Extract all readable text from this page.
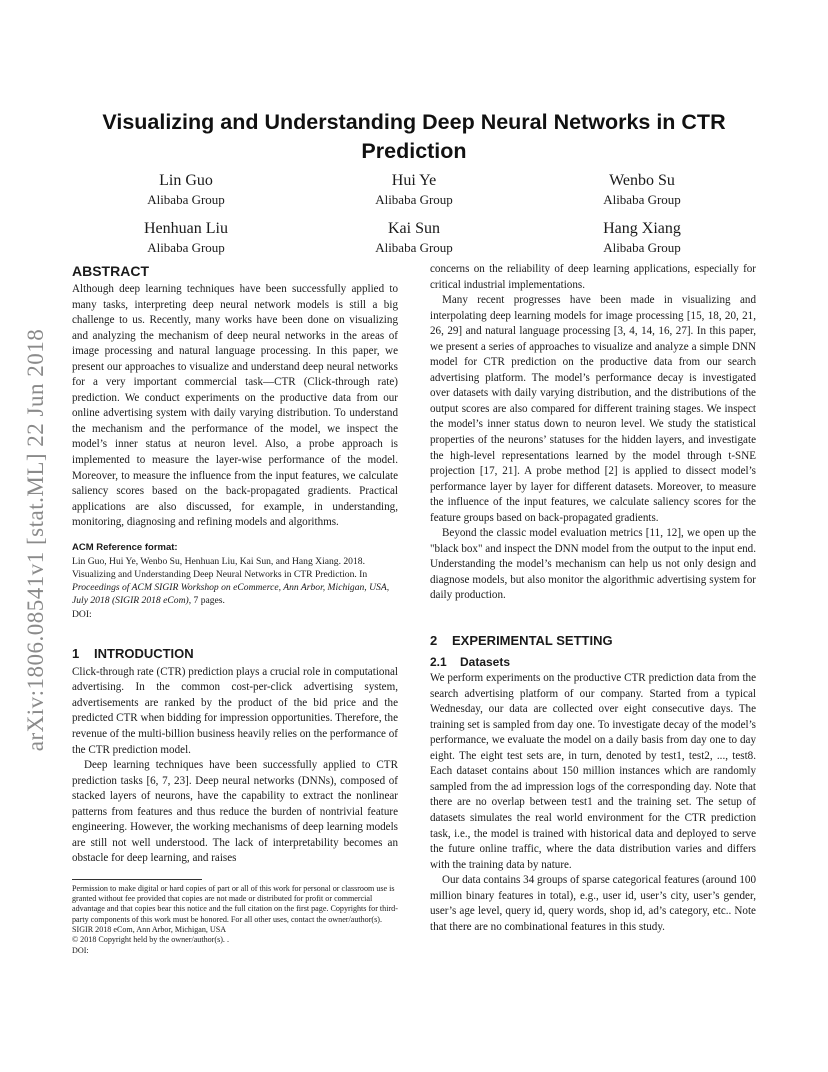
arXiv:1806.08541v1 [stat.ML] 22 Jun 2018
Visualizing and Understanding Deep Neural Networks in CTR Prediction
Lin Guo
Alibaba Group
Hui Ye
Alibaba Group
Wenbo Su
Alibaba Group
Henhuan Liu
Alibaba Group
Kai Sun
Alibaba Group
Hang Xiang
Alibaba Group

ABSTRACT

Although deep learning techniques have been successfully applied to many tasks, interpreting deep neural network models is still a big challenge to us. Recently, many works have been done on visualizing and analyzing the mechanism of deep neural networks in the areas of image processing and natural language processing. In this paper, we present our approaches to visualize and understand deep neural networks for a very important commercial task—CTR (Click-through rate) prediction. We conduct experiments on the productive data from our online advertising system with daily varying distribution. To understand the mechanism and the performance of the model, we inspect the model’s inner status at neuron level. Also, a probe approach is implemented to measure the layer-wise performance of the model. Moreover, to measure the influence from the input features, we calculate saliency scores based on the back-propagated gradients. Practical applications are also discussed, for example, in understanding, monitoring, diagnosing and refining models and algorithms.

ACM Reference format:

Lin Guo, Hui Ye, Wenbo Su, Henhuan Liu, Kai Sun, and Hang Xiang. 2018. Visualizing and Understanding Deep Neural Networks in CTR Prediction. In Proceedings of ACM SIGIR Workshop on eCommerce, Ann Arbor, Michigan, USA, July 2018 (SIGIR 2018 eCom), 7 pages.

DOI:

1 INTRODUCTION

Click-through rate (CTR) prediction plays a crucial role in computational advertising. In the common cost-per-click advertising system, advertisements are ranked by the product of the bid price and the predicted CTR when bidding for impression opportunities. Therefore, the revenue of the multi-billion business heavily relies on the performance of the CTR prediction model.

Deep learning techniques have been successfully applied to CTR prediction tasks [6, 7, 23]. Deep neural networks (DNNs), composed of stacked layers of neurons, have the capability to extract the nonlinear patterns from features and thus reduce the burden of nontrivial feature engineering. However, the working mechanisms of deep learning models are still not well understood. The lack of interpretability becomes an obstacle for deep learning, and raises

Permission to make digital or hard copies of part or all of this work for personal or classroom use is granted without fee provided that copies are not made or distributed for profit or commercial advantage and that copies bear this notice and the full citation on the first page. Copyrights for third-party components of this work must be honored. For all other uses, contact the owner/author(s).

SIGIR 2018 eCom, Ann Arbor, Michigan, USA

© 2018 Copyright held by the owner/author(s). .

DOI:

concerns on the reliability of deep learning applications, especially for critical industrial implementations.

Many recent progresses have been made in visualizing and interpolating deep learning models for image processing [15, 18, 20, 21, 26, 29] and natural language processing [3, 4, 14, 16, 27]. In this paper, we present a series of approaches to visualize and analyze a simple DNN model for CTR prediction on the productive data from our search advertising platform. The model’s performance decay is investigated over datasets with daily varying distribution, and the distributions of the output scores are also compared for different training stages. We inspect the model’s inner status down to neuron level. We study the statistical properties of the neurons’ statuses for the hidden layers, and investigate the high-level representations learned by the model through t-SNE projection [17, 21]. A probe method [2] is applied to dissect model’s performance layer by layer for different datasets. Moreover, to measure the influence of the input features, we calculate saliency scores for the feature groups based on back-propagated gradients.

Beyond the classic model evaluation metrics [11, 12], we open up the "black box" and inspect the DNN model from the output to the input end. Understanding the model’s mechanism can help us not only design and diagnose models, but also monitor the algorithmic advertising system for daily production.

2 EXPERIMENTAL SETTING

2.1 Datasets

We perform experiments on the productive CTR prediction data from the search advertising platform of our company. Started from a typical Wednesday, our data are collected over eight consecutive days. The training set is sampled from day one. To investigate decay of the model’s performance, we evaluate the model on a daily basis from day one to day eight. The eight test sets are, in turn, denoted by test1, test2, ..., test8. Each dataset contains about 150 million instances which are randomly sampled from the ad impression logs of the corresponding day. Note that there are no overlap between test1 and the training set. The setup of datasets simulates the real world environment for the CTR prediction task, i.e., the model is trained with historical data and deployed to serve the future online traffic, where the data distribution varies and differs with the training data by nature.

Our data contains 34 groups of sparse categorical features (around 100 million binary features in total), e.g., user id, user’s city, user’s gender, user’s age level, query id, query words, shop id, ad’s category, etc.. Note that there are no combinational features in this study.
